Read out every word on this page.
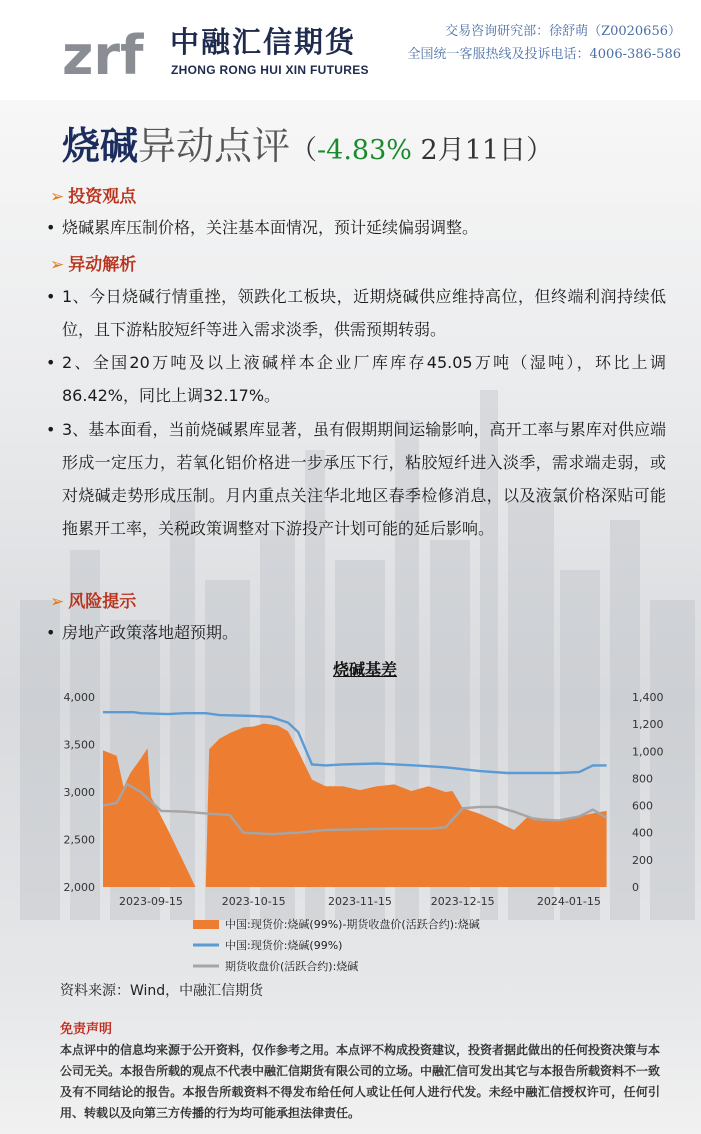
zrf 中融汇信期货
ZHONG RONG HUI XIN FUTURES
交易咨询研究部：徐舒萌（Z0020656）
全国统一客服热线及投诉电话：4006-386-586
烧碱异动点评（-4.83% 2月11日）
➢ 投资观点
• 烧碱累库压制价格，关注基本面情况，预计延续偏弱调整。
➢ 异动解析
• 1、今日烧碱行情重挫，领跌化工板块，近期烧碱供应维持高位，但终端利润持续低位，且下游粘胶短纤等进入需求淡季，供需预期转弱。
• 2、全国20万吨及以上液碱样本企业厂库库存45.05万吨（湿吨），环比上调86.42%，同比上调32.17%。
• 3、基本面看，当前烧碱累库显著，虽有假期期间运输影响，高开工率与累库对供应端形成一定压力，若氧化铝价格进一步承压下行，粘胶短纤进入淡季，需求端走弱，或对烧碱走势形成压制。月内重点关注华北地区春季检修消息，以及液氯价格深贴可能拖累开工率，关税政策调整对下游投产计划可能的延后影响。
➢ 风险提示
• 房地产政策落地超预期。
烧碱基差
2,000
2,500
3,000
3,500
4,000
0
200
400
600
800
1,000
1,200
1,400
2023-09-15	2023-10-15	2023-11-15	2023-12-15	2024-01-15
中国:现货价:烧碱(99%)-期货收盘价(活跃合约):烧碱
中国:现货价:烧碱(99%)
期货收盘价(活跃合约):烧碱
资料来源：Wind，中融汇信期货
免责声明
本点评中的信息均来源于公开资料，仅作参考之用。本点评不构成投资建议，投资者据此做出的任何投资决策与本公司无关。本报告所载的观点不代表中融汇信期货有限公司的立场。中融汇信可发出其它与本报告所载资料不一致及有不同结论的报告。本报告所载资料不得发布给任何人或让任何人进行代发。未经中融汇信授权许可，任何引用、转载以及向第三方传播的行为均可能承担法律责任。
